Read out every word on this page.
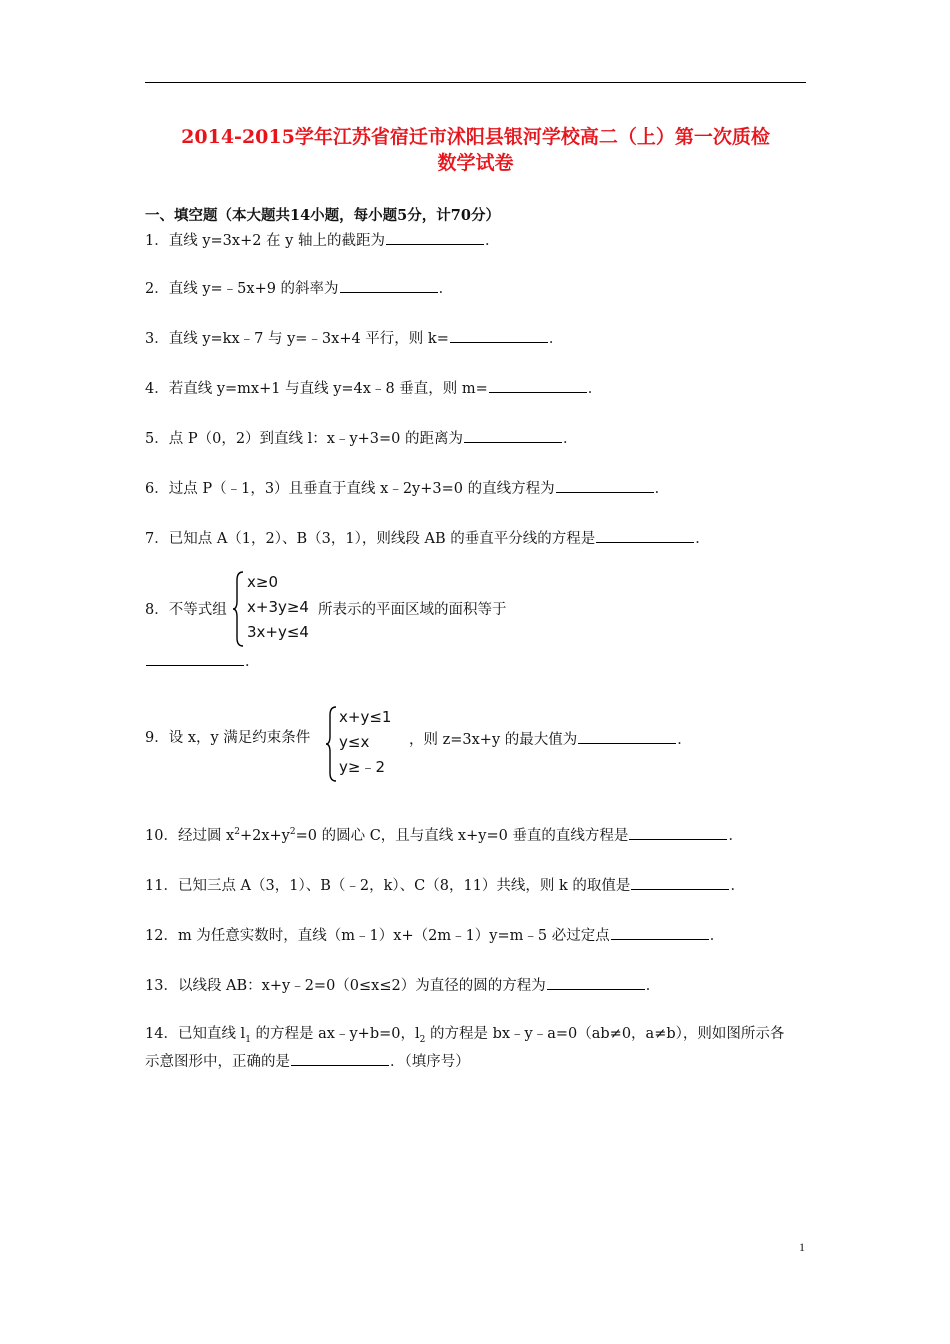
2014-2015学年江苏省宿迁市沭阳县银河学校高二（上）第一次质检
数学试卷
一、填空题（本大题共14小题，每小题5分，计70分）
1．直线 y=3x+2 在 y 轴上的截距为	．
2．直线 y=﹣5x+9 的斜率为	．
3．直线 y=kx﹣7 与 y=﹣3x+4 平行，则 k=	．
4．若直线 y=mx+1 与直线 y=4x﹣8 垂直，则 m=	．
5．点 P（0，2）到直线 l：x﹣y+3=0 的距离为	．
6．过点 P（﹣1，3）且垂直于直线 x﹣2y+3=0 的直线方程为	．
7．已知点 A（1，2）、B（3，1），则线段 AB 的垂直平分线的方程是	．
8．不等式组
x≥0
x+3y≥4
3x+y≤4
所表示的平面区域的面积等于
．
9．设 x，y 满足约束条件
x+y≤1
y≤x
y≥﹣2
，则 z=3x+y 的最大值为	．
10．经过圆 $x^2+2x+y^2=0$ 的圆心 C，且与直线 x+y=0 垂直的直线方程是	．
11．已知三点 A（3，1）、B（﹣2，k）、C（8，11）共线，则 k 的取值是	．
12．m 为任意实数时，直线（m﹣1）x+（2m﹣1）y=m﹣5 必过定点	．
13．以线段 AB：x+y﹣2=0（0≤x≤2）为直径的圆的方程为	．
14．已知直线 $l_1$ 的方程是 ax﹣y+b=0，$l_2$ 的方程是 bx﹣y﹣a=0（ab≠0，a≠b），则如图所示各
示意图形中，正确的是	．（填序号）
1
